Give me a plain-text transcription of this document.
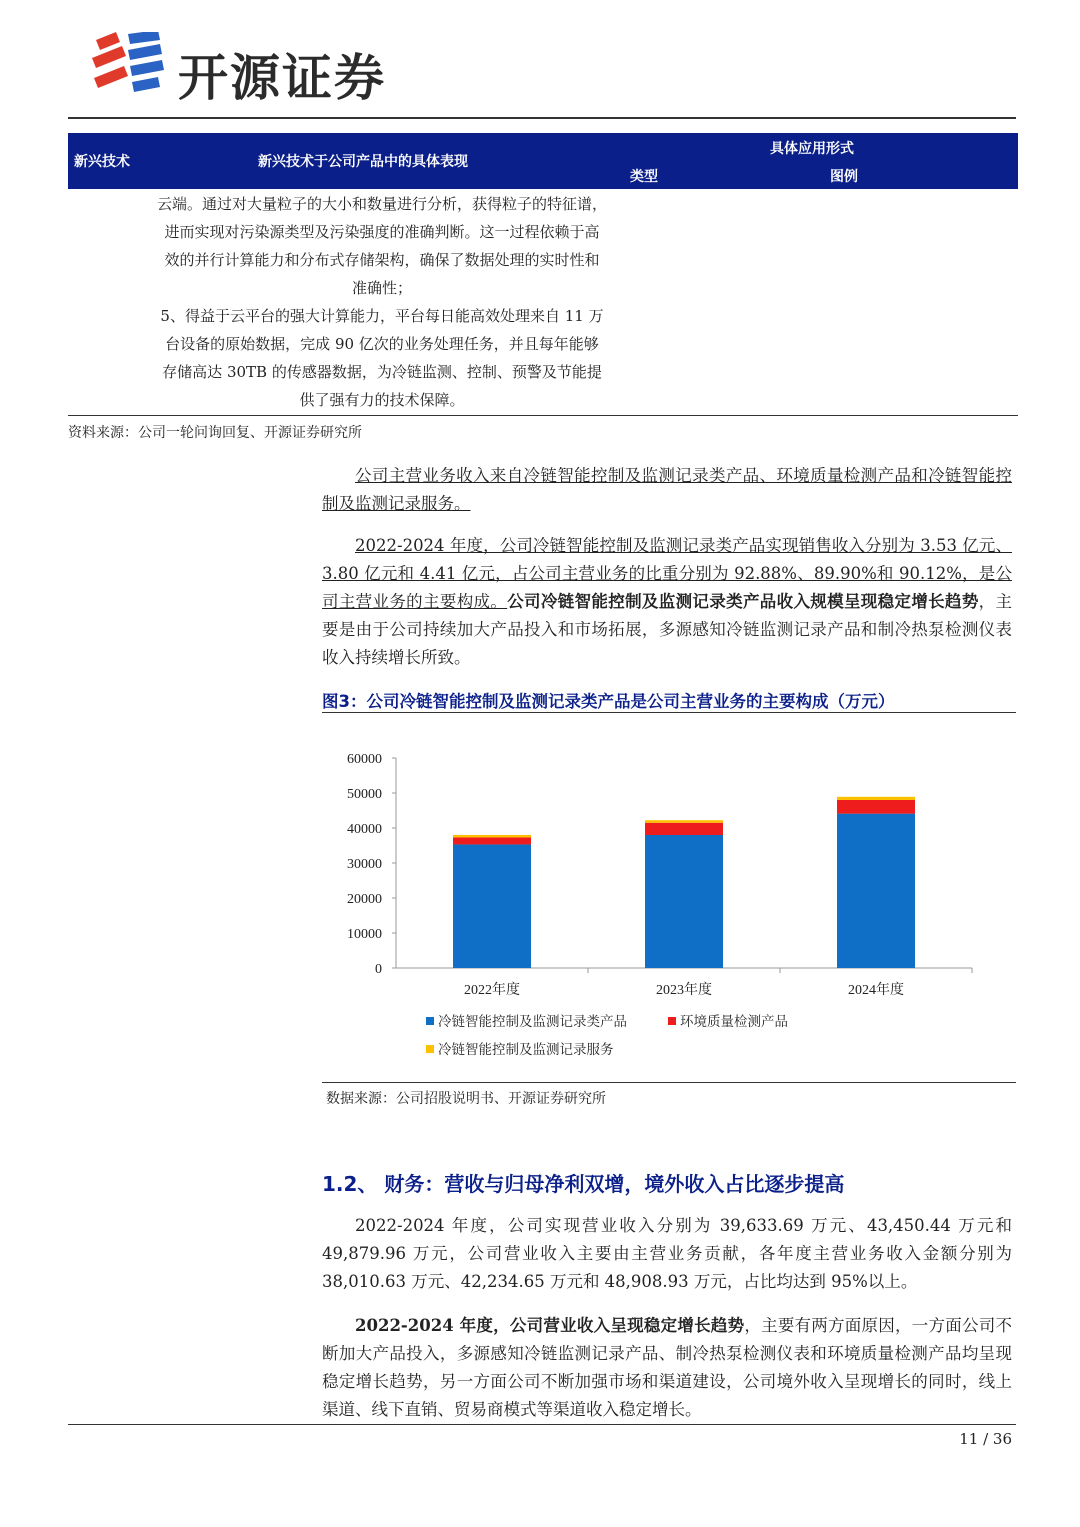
开源证券
新兴技术	新兴技术于公司产品中的具体表现
具体应用形式
类型	图例
云端。通过对大量粒子的大小和数量进行分析，获得粒子的特征谱，
进而实现对污染源类型及污染强度的准确判断。这一过程依赖于高
效的并行计算能力和分布式存储架构，确保了数据处理的实时性和
准确性；
5、得益于云平台的强大计算能力，平台每日能高效处理来自 11 万
台设备的原始数据，完成 90 亿次的业务处理任务，并且每年能够
存储高达 30TB 的传感器数据，为冷链监测、控制、预警及节能提
供了强有力的技术保障。
资料来源：公司一轮问询回复、开源证券研究所
公司主营业务收入来自冷链智能控制及监测记录类产品、环境质量检测产品和冷链智能控制及监测记录服务。
2022-2024 年度，公司冷链智能控制及监测记录类产品实现销售收入分别为 3.53 亿元、3.80 亿元和 4.41 亿元，占公司主营业务的比重分别为 92.88%、89.90%和 90.12%，是公司主营业务的主要构成。公司冷链智能控制及监测记录类产品收入规模呈现稳定增长趋势，主要是由于公司持续加大产品投入和市场拓展，多源感知冷链监测记录产品和制冷热泵检测仪表收入持续增长所致。
图3：公司冷链智能控制及监测记录类产品是公司主营业务的主要构成（万元）
0
10000
20000
30000
40000
50000
60000
2022年度	2023年度	2024年度
冷链智能控制及监测记录类产品	环境质量检测产品
冷链智能控制及监测记录服务
数据来源：公司招股说明书、开源证券研究所
1.2、 财务：营收与归母净利双增，境外收入占比逐步提高
2022-2024 年度，公司实现营业收入分别为 39,633.69 万元、43,450.44 万元和 49,879.96 万元，公司营业收入主要由主营业务贡献，各年度主营业务收入金额分别为 38,010.63 万元、42,234.65 万元和 48,908.93 万元，占比均达到 95%以上。
2022-2024 年度，公司营业收入呈现稳定增长趋势，主要有两方面原因，一方面公司不断加大产品投入，多源感知冷链监测记录产品、制冷热泵检测仪表和环境质量检测产品均呈现稳定增长趋势，另一方面公司不断加强市场和渠道建设，公司境外收入呈现增长的同时，线上渠道、线下直销、贸易商模式等渠道收入稳定增长。
11 / 36
